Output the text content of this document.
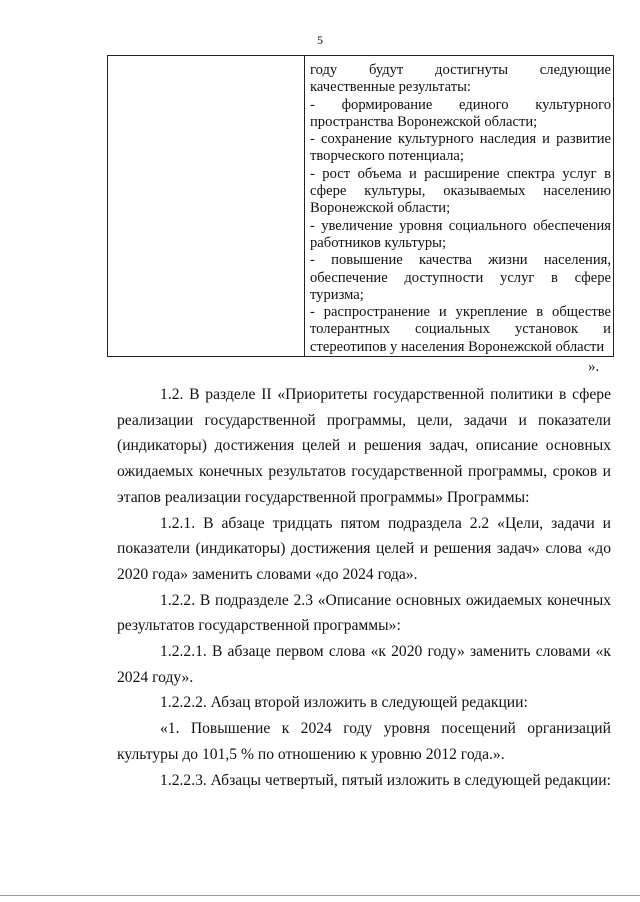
5

году будут достигнуты следующие
качественные результаты:
- формирование единого культурного
пространства Воронежской области;
- сохранение культурного наследия и развитие
творческого потенциала;
- рост объема и расширение спектра услуг в
сфере культуры, оказываемых населению
Воронежской области;
- увеличение уровня социального обеспечения
работников культуры;
- повышение качества жизни населения,
обеспечение доступности услуг в сфере
туризма;
- распространение и укрепление в обществе
толерантных социальных установок и
стереотипов у населения Воронежской области
».
1.2. В разделе II «Приоритеты государственной политики в сфере
реализации государственной программы, цели, задачи и показатели
(индикаторы) достижения целей и решения задач, описание основных
ожидаемых конечных результатов государственной программы, сроков и
этапов реализации государственной программы» Программы:
1.2.1. В абзаце тридцать пятом подраздела 2.2 «Цели, задачи и
показатели (индикаторы) достижения целей и решения задач» слова «до
2020 года» заменить словами «до 2024 года».
1.2.2. В подразделе 2.3 «Описание основных ожидаемых конечных
результатов государственной программы»:
1.2.2.1. В абзаце первом слова «к 2020 году» заменить словами «к
2024 году».
1.2.2.2. Абзац второй изложить в следующей редакции:
«1. Повышение к 2024 году уровня посещений организаций
культуры до 101,5 % по отношению к уровню 2012 года.».
1.2.2.3. Абзацы четвертый, пятый изложить в следующей редакции:
